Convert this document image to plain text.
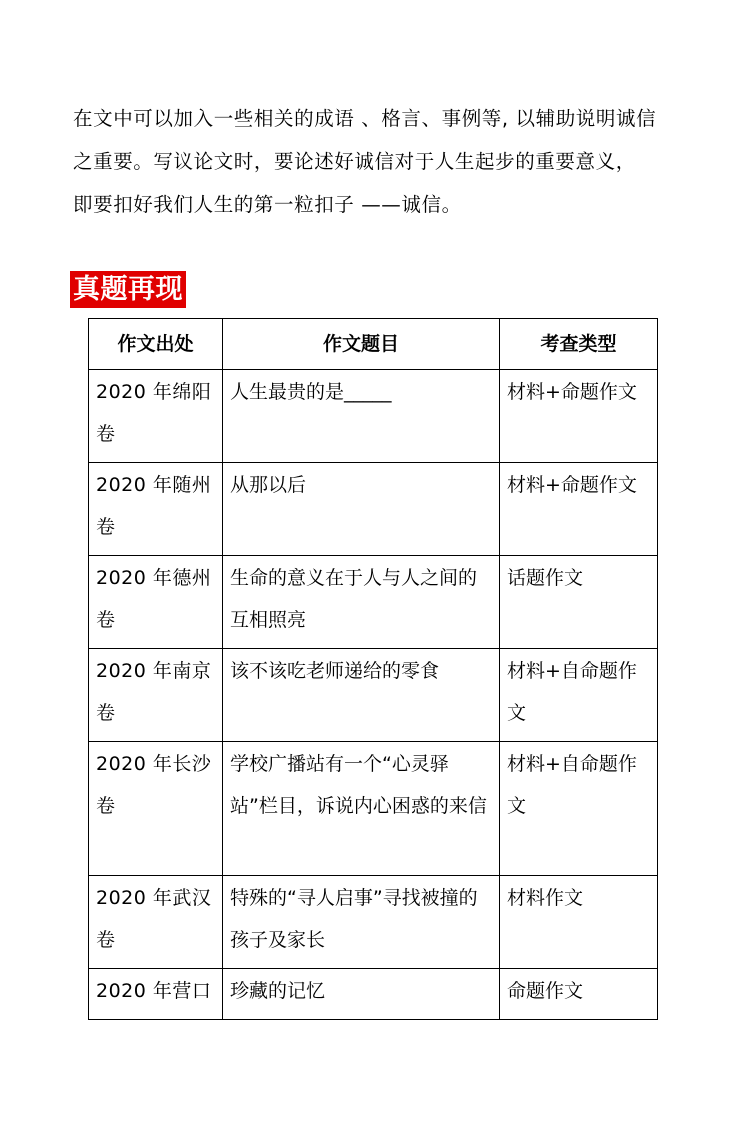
在文中可以加入一些相关的成语 、格言、事例等, 以辅助说明诚信

之重要。写议论文时，要论述好诚信对于人生起步的重要意义，

即要扣好我们人生的第一粒扣子 ——诚信。

真题再现
作文出处	作文题目	考查类型
2020 年绵阳卷	人生最贵的是_____	材料+命题作文
2020 年随州卷	从那以后	材料+命题作文
2020 年德州卷	生命的意义在于人与人之间的互相照亮	话题作文
2020 年南京卷	该不该吃老师递给的零食	材料+自命题作文
2020 年长沙卷	学校广播站有一个“心灵驿站”栏目，诉说内心困惑的来信	材料+自命题作文
2020 年武汉卷	特殊的“寻人启事”寻找被撞的孩子及家长	材料作文
2020 年营口	珍藏的记忆	命题作文
